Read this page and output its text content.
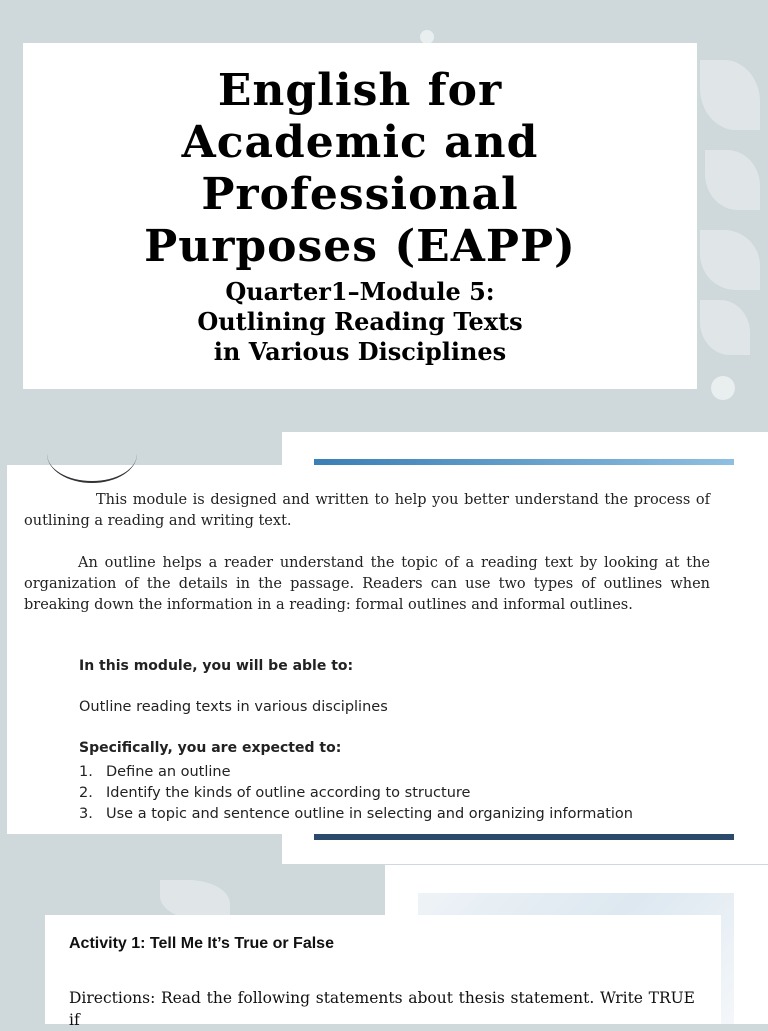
English for
Academic and
Professional
Purposes (EAPP)
Quarter1–Module 5:
Outlining Reading Texts
in Various Disciplines

This module is designed and written to help you better understand the process of outlining a reading and writing text.

An outline helps a reader understand the topic of a reading text by looking at the organization of the details in the passage. Readers can use two types of outlines when breaking down the information in a reading: formal outlines and informal outlines.

In this module, you will be able to:

Outline reading texts in various disciplines

Specifically, you are expected to:

1. Define an outline
2. Identify the kinds of outline according to structure
3. Use a topic and sentence outline in selecting and organizing information
Activity 1: Tell Me It’s True or False

Directions: Read the following statements about thesis statement. Write TRUE if
